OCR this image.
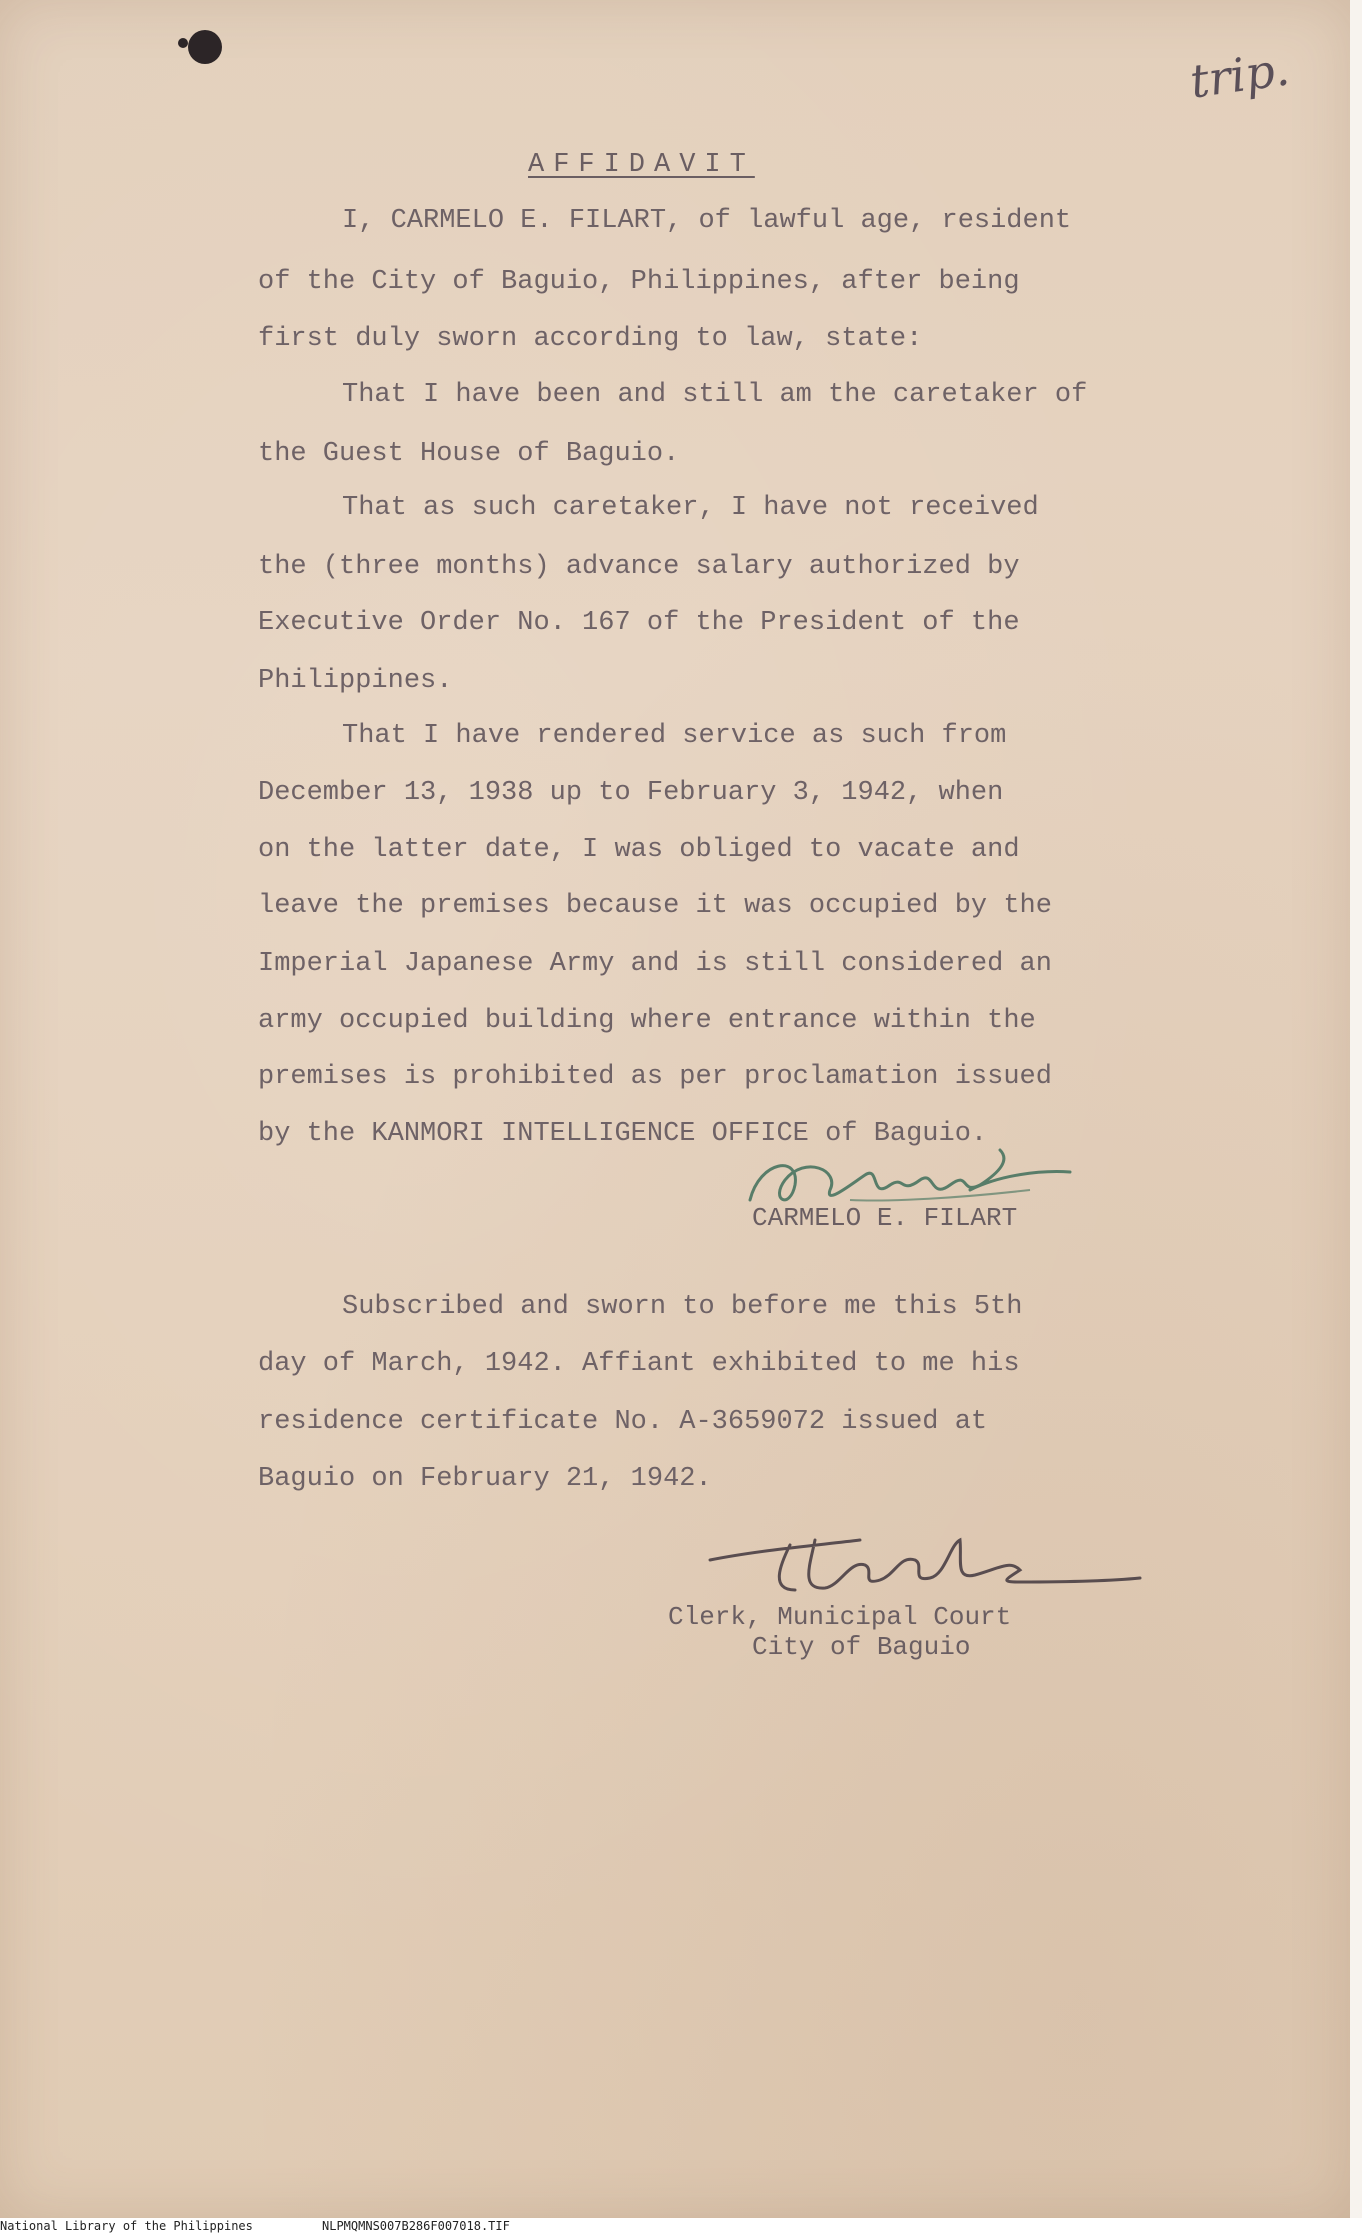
trip.
AFFIDAVIT
I, CARMELO E. FILART, of lawful age, resident
of the City of Baguio, Philippines, after being
first duly sworn according to law, state:
That I have been and still am the caretaker of
the Guest House of Baguio.
That as such caretaker, I have not received
the (three months) advance salary authorized by
Executive Order No. 167 of the President of the
Philippines.
That I have rendered service as such from
December 13, 1938 up to February 3, 1942, when
on the latter date, I was obliged to vacate and
leave the premises because it was occupied by the
Imperial Japanese Army and is still considered an
army occupied building where entrance within the
premises is prohibited as per proclamation issued
by the KANMORI INTELLIGENCE OFFICE of Baguio.
CARMELO E. FILART
Subscribed and sworn to before me this 5th
day of March, 1942. Affiant exhibited to me his
residence certificate No. A-3659072 issued at
Baguio on February 21, 1942.
Clerk, Municipal Court
City of Baguio
National Library of the Philippines	NLPMQMNS007B286F007018.TIF
